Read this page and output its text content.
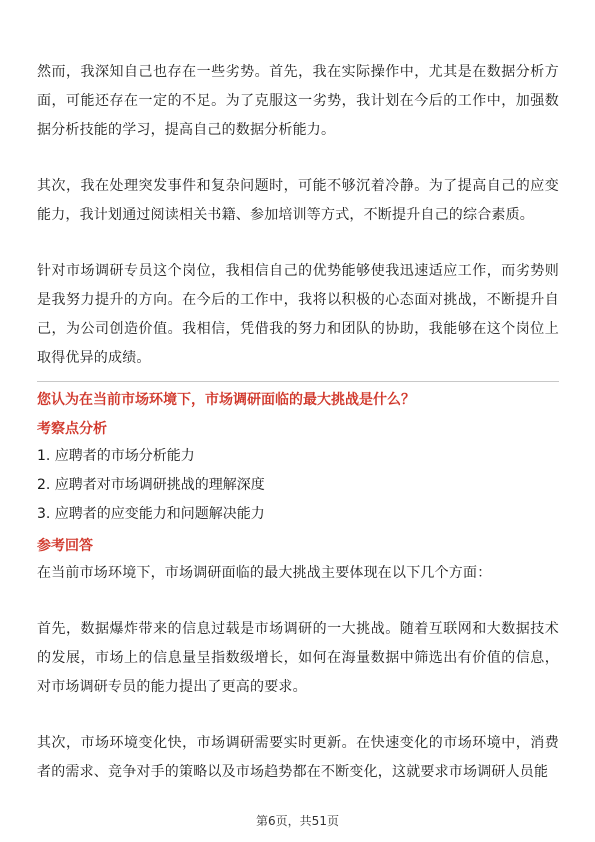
然而，我深知自己也存在一些劣势。首先，我在实际操作中，尤其是在数据分析方面，可能还存在一定的不足。为了克服这一劣势，我计划在今后的工作中，加强数据分析技能的学习，提高自己的数据分析能力。

其次，我在处理突发事件和复杂问题时，可能不够沉着冷静。为了提高自己的应变能力，我计划通过阅读相关书籍、参加培训等方式，不断提升自己的综合素质。

针对市场调研专员这个岗位，我相信自己的优势能够使我迅速适应工作，而劣势则是我努力提升的方向。在今后的工作中，我将以积极的心态面对挑战，不断提升自己，为公司创造价值。我相信，凭借我的努力和团队的协助，我能够在这个岗位上取得优异的成绩。

您认为在当前市场环境下，市场调研面临的最大挑战是什么？

考察点分析

1. 应聘者的市场分析能力

2. 应聘者对市场调研挑战的理解深度

3. 应聘者的应变能力和问题解决能力

参考回答

在当前市场环境下，市场调研面临的最大挑战主要体现在以下几个方面：

首先，数据爆炸带来的信息过载是市场调研的一大挑战。随着互联网和大数据技术的发展，市场上的信息量呈指数级增长，如何在海量数据中筛选出有价值的信息，对市场调研专员的能力提出了更高的要求。

其次，市场环境变化快，市场调研需要实时更新。在快速变化的市场环境中，消费者的需求、竞争对手的策略以及市场趋势都在不断变化，这就要求市场调研人员能

第6页，共51页
